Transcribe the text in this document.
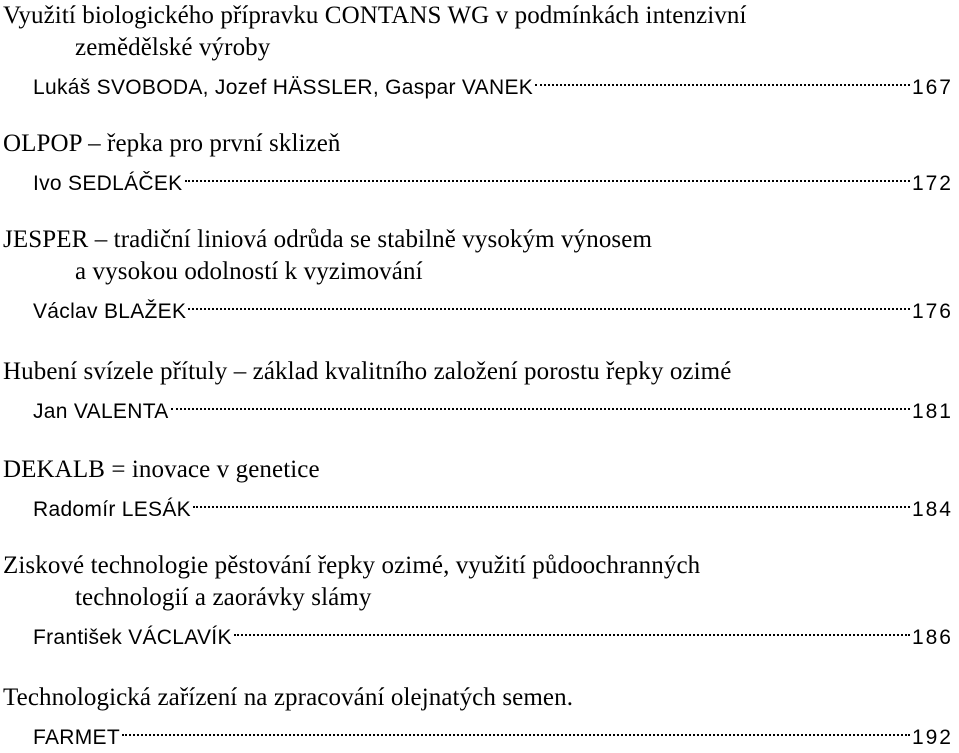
Využití biologického přípravku CONTANS WG v podmínkách intenzivní
zemědělské výroby
Lukáš SVOBODA, Jozef HÄSSLER, Gaspar VANEK	167
OLPOP – řepka pro první sklizeň
Ivo SEDLÁČEK	172
JESPER – tradiční liniová odrůda se stabilně vysokým výnosem
a vysokou odolností k vyzimování
Václav BLAŽEK	176
Hubení svízele přítuly – základ kvalitního založení porostu řepky ozimé
Jan VALENTA	181
DEKALB = inovace v genetice
Radomír LESÁK	184
Ziskové technologie pěstování řepky ozimé, využití půdoochranných
technologií a zaorávky slámy
František VÁCLAVÍK	186
Technologická zařízení na zpracování olejnatých semen.
FARMET	192
